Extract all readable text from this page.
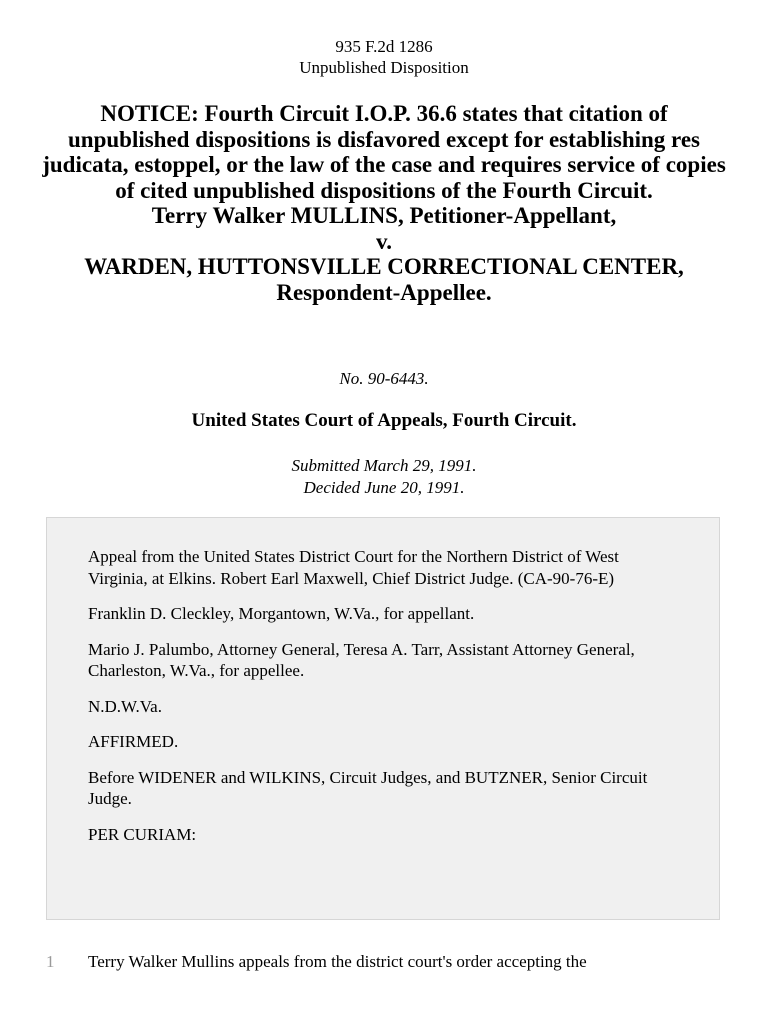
935 F.2d 1286
Unpublished Disposition
NOTICE: Fourth Circuit I.O.P. 36.6 states that citation of unpublished dispositions is disfavored except for establishing res judicata, estoppel, or the law of the case and requires service of copies of cited unpublished dispositions of the Fourth Circuit.
Terry Walker MULLINS, Petitioner-Appellant,
v.
WARDEN, HUTTONSVILLE CORRECTIONAL CENTER, Respondent-Appellee.
No. 90-6443.
United States Court of Appeals, Fourth Circuit.
Submitted March 29, 1991.
Decided June 20, 1991.

Appeal from the United States District Court for the Northern District of West Virginia, at Elkins. Robert Earl Maxwell, Chief District Judge. (CA-90-76-E)

Franklin D. Cleckley, Morgantown, W.Va., for appellant.

Mario J. Palumbo, Attorney General, Teresa A. Tarr, Assistant Attorney General, Charleston, W.Va., for appellee.

N.D.W.Va.

AFFIRMED.

Before WIDENER and WILKINS, Circuit Judges, and BUTZNER, Senior Circuit Judge.

PER CURIAM:

1 Terry Walker Mullins appeals from the district court's order accepting the
